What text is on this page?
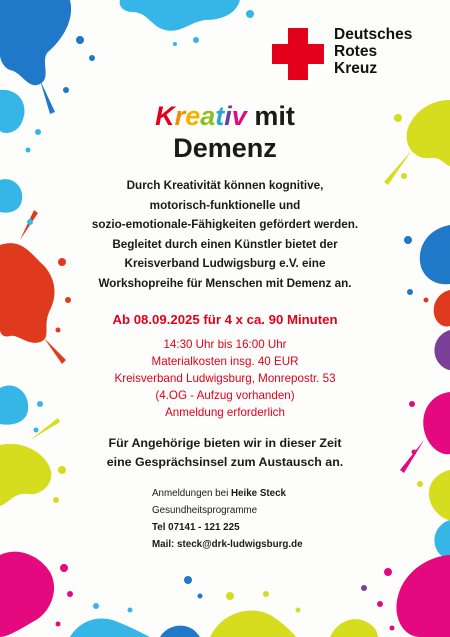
Deutsches
Rotes
Kreuz
Kreativ mit
Demenz
Durch Kreativität können kognitive,
motorisch-funktionelle und
sozio-emotionale-Fähigkeiten gefördert werden.
Begleitet durch einen Künstler bietet der
Kreisverband Ludwigsburg e.V. eine
Workshopreihe für Menschen mit Demenz an.
Ab 08.09.2025 für 4 x ca. 90 Minuten
14:30 Uhr bis 16:00 Uhr
Materialkosten insg. 40 EUR
Kreisverband Ludwigsburg, Monrepostr. 53
(4.OG - Aufzug vorhanden)
Anmeldung erforderlich
Für Angehörige bieten wir in dieser Zeit
eine Gesprächsinsel zum Austausch an.
Anmeldungen bei Heike Steck
Gesundheitsprogramme
Tel 07141 - 121 225
Mail: steck@drk-ludwigsburg.de
